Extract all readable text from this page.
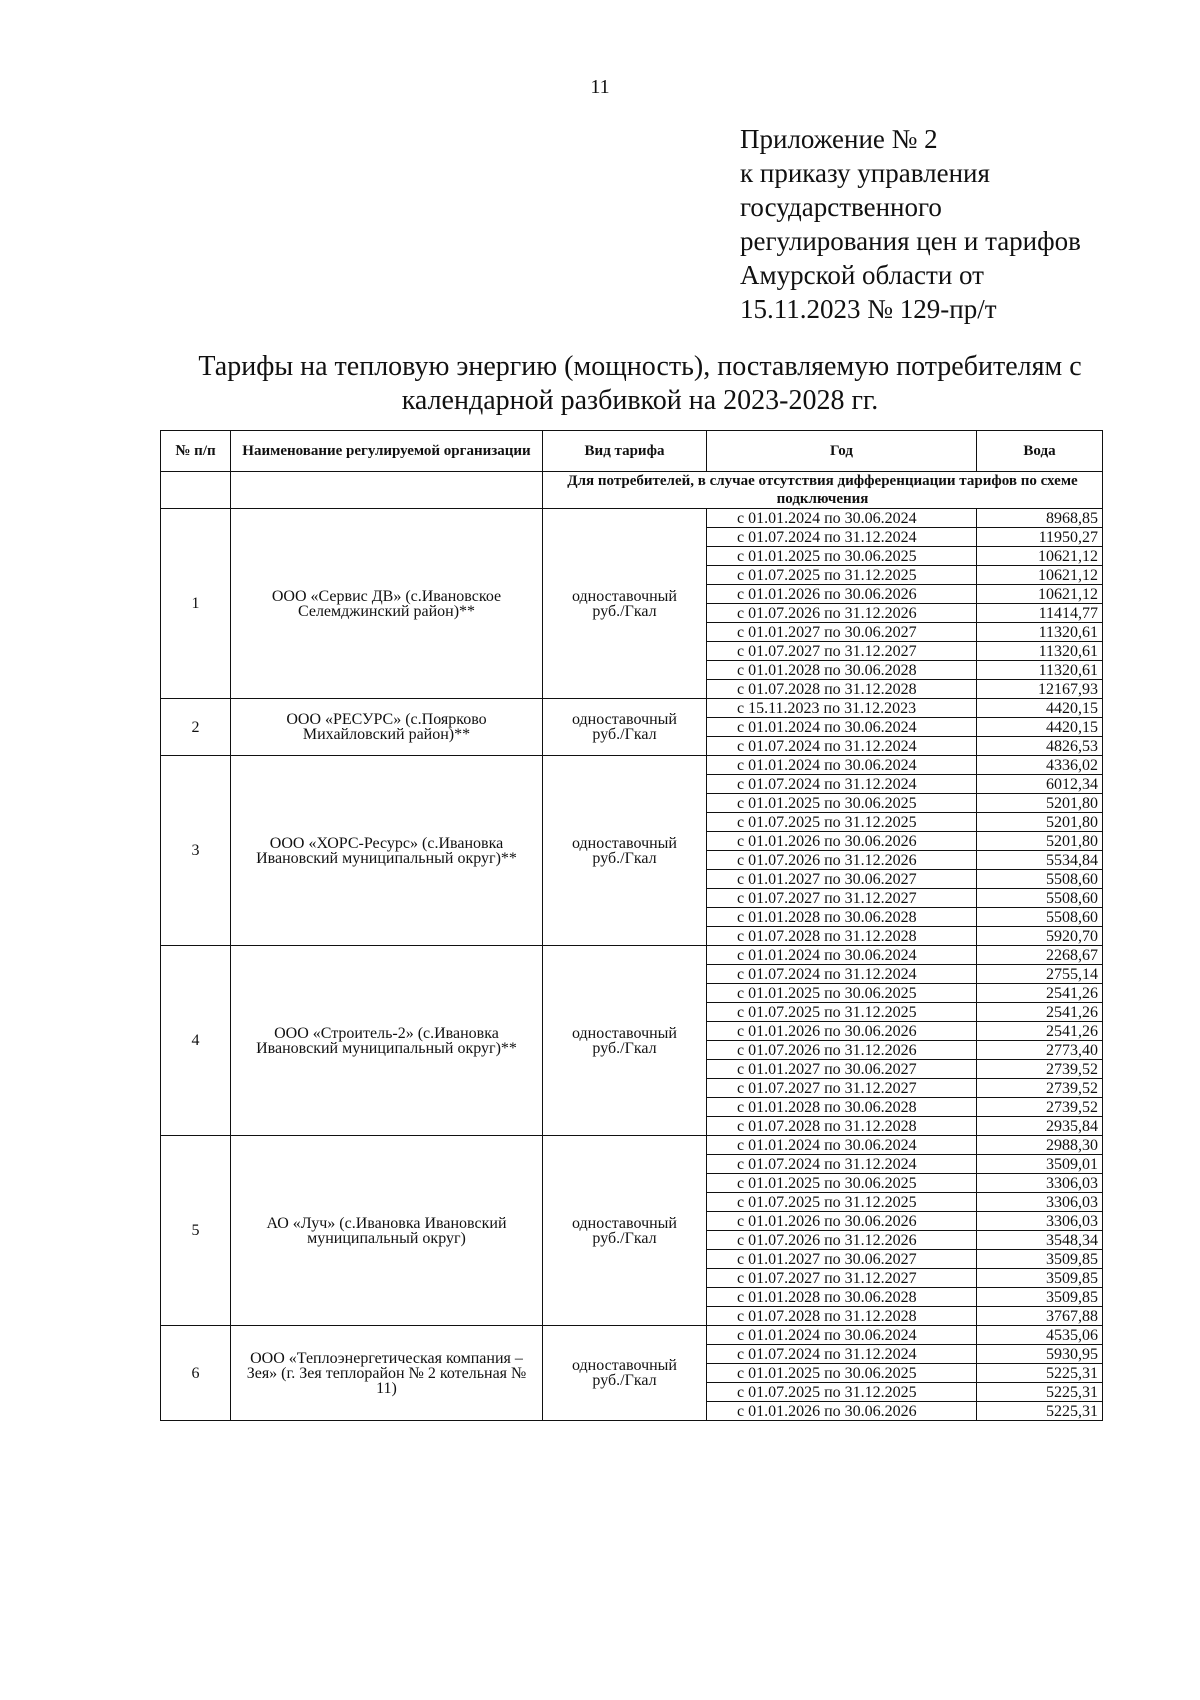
11
Приложение № 2
к приказу управления
государственного
регулирования цен и тарифов
Амурской области от
15.11.2023 № 129-пр/т
Тарифы на тепловую энергию (мощность), поставляемую потребителям с
календарной разбивкой на 2023-2028 гг.
№ п/п	Наименование регулируемой организации	Вид тарифа	Год	Вода

		Для потребителей, в случае отсутствия дифференциации тарифов по схеме подключения		

1	ООО «Сервис ДВ» (с.Ивановское Селемджинский район)**	одноставочный
руб./Гкал	с 01.01.2024 по 30.06.2024	8968,85
			с 01.07.2024 по 31.12.2024	11950,27
			с 01.01.2025 по 30.06.2025	10621,12
			с 01.07.2025 по 31.12.2025	10621,12
			с 01.01.2026 по 30.06.2026	10621,12
			с 01.07.2026 по 31.12.2026	11414,77
			с 01.01.2027 по 30.06.2027	11320,61
			с 01.07.2027 по 31.12.2027	11320,61
			с 01.01.2028 по 30.06.2028	11320,61
			с 01.07.2028 по 31.12.2028	12167,93
2	ООО «РЕСУРС» (с.Поярково Михайловский район)**	одноставочный
руб./Гкал	с 15.11.2023 по 31.12.2023	4420,15
			с 01.01.2024 по 30.06.2024	4420,15
			с 01.07.2024 по 31.12.2024	4826,53
3	ООО «ХОРС-Ресурс» (с.Ивановка Ивановский муниципальный округ)**	одноставочный
руб./Гкал	с 01.01.2024 по 30.06.2024	4336,02
			с 01.07.2024 по 31.12.2024	6012,34
			с 01.01.2025 по 30.06.2025	5201,80
			с 01.07.2025 по 31.12.2025	5201,80
			с 01.01.2026 по 30.06.2026	5201,80
			с 01.07.2026 по 31.12.2026	5534,84
			с 01.01.2027 по 30.06.2027	5508,60
			с 01.07.2027 по 31.12.2027	5508,60
			с 01.01.2028 по 30.06.2028	5508,60
			с 01.07.2028 по 31.12.2028	5920,70
4	ООО «Строитель-2» (с.Ивановка Ивановский муниципальный округ)**	одноставочный
руб./Гкал	с 01.01.2024 по 30.06.2024	2268,67
			с 01.07.2024 по 31.12.2024	2755,14
			с 01.01.2025 по 30.06.2025	2541,26
			с 01.07.2025 по 31.12.2025	2541,26
			с 01.01.2026 по 30.06.2026	2541,26
			с 01.07.2026 по 31.12.2026	2773,40
			с 01.01.2027 по 30.06.2027	2739,52
			с 01.07.2027 по 31.12.2027	2739,52
			с 01.01.2028 по 30.06.2028	2739,52
			с 01.07.2028 по 31.12.2028	2935,84
5	АО «Луч» (с.Ивановка Ивановский муниципальный округ)	одноставочный
руб./Гкал	с 01.01.2024 по 30.06.2024	2988,30
			с 01.07.2024 по 31.12.2024	3509,01
			с 01.01.2025 по 30.06.2025	3306,03
			с 01.07.2025 по 31.12.2025	3306,03
			с 01.01.2026 по 30.06.2026	3306,03
			с 01.07.2026 по 31.12.2026	3548,34
			с 01.01.2027 по 30.06.2027	3509,85
			с 01.07.2027 по 31.12.2027	3509,85
			с 01.01.2028 по 30.06.2028	3509,85
			с 01.07.2028 по 31.12.2028	3767,88
6	ООО «Теплоэнергетическая компания – Зея» (г. Зея теплорайон № 2 котельная № 11)	одноставочный
руб./Гкал	с 01.01.2024 по 30.06.2024	4535,06
			с 01.07.2024 по 31.12.2024	5930,95
			с 01.01.2025 по 30.06.2025	5225,31
			с 01.07.2025 по 31.12.2025	5225,31
			с 01.01.2026 по 30.06.2026	5225,31
